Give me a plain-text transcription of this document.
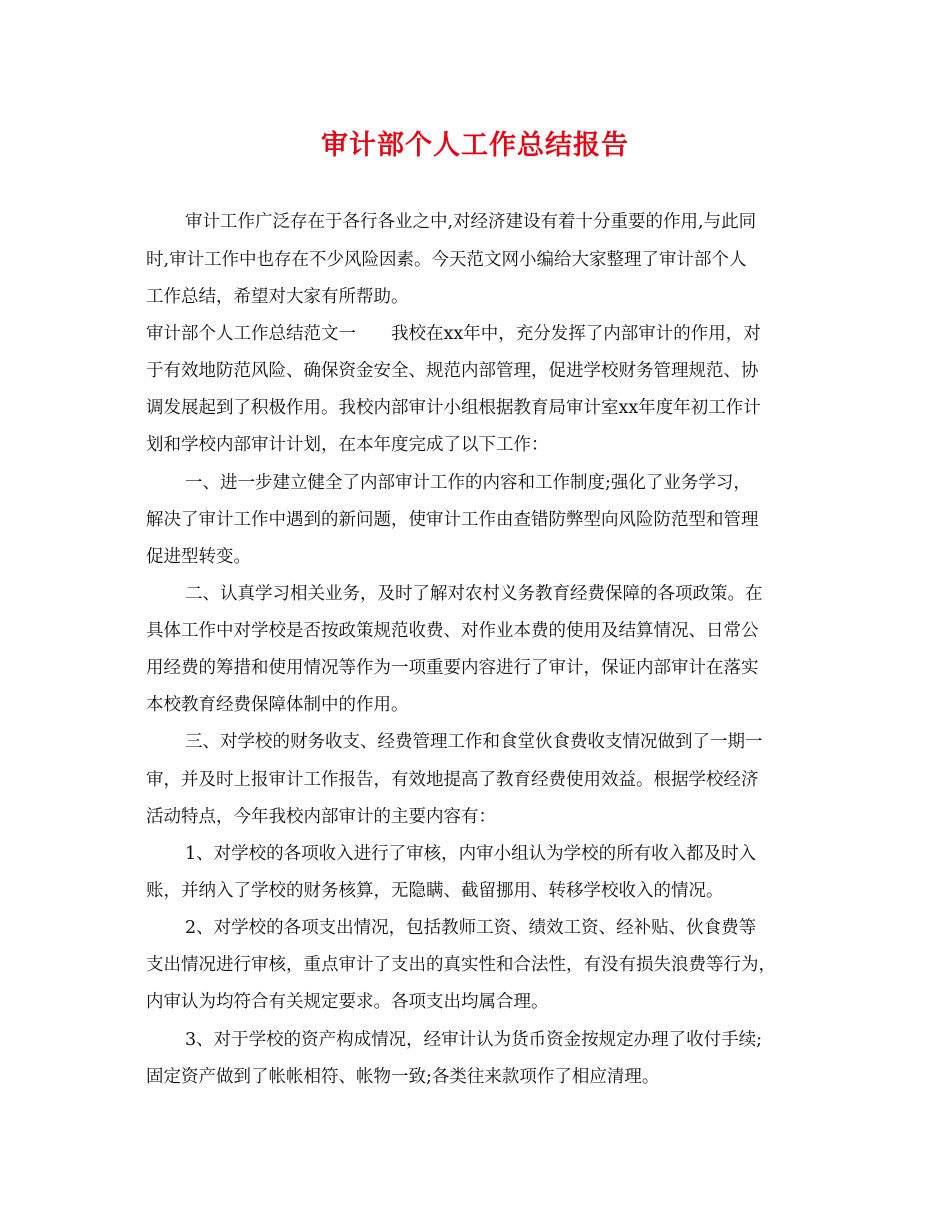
审计部个人工作总结报告
审计工作广泛存在于各行各业之中,对经济建设有着十分重要的作用,与此同
时,审计工作中也存在不少风险因素。今天范文网小编给大家整理了审计部个人
工作总结，希望对大家有所帮助。
审计部个人工作总结范文一　　我校在xx年中，充分发挥了内部审计的作用，对
于有效地防范风险、确保资金安全、规范内部管理，促进学校财务管理规范、协
调发展起到了积极作用。我校内部审计小组根据教育局审计室xx年度年初工作计
划和学校内部审计计划，在本年度完成了以下工作：
一、进一步建立健全了内部审计工作的内容和工作制度;强化了业务学习，
解决了审计工作中遇到的新问题，使审计工作由查错防弊型向风险防范型和管理
促进型转变。
二、认真学习相关业务，及时了解对农村义务教育经费保障的各项政策。在
具体工作中对学校是否按政策规范收费、对作业本费的使用及结算情况、日常公
用经费的筹措和使用情况等作为一项重要内容进行了审计，保证内部审计在落实
本校教育经费保障体制中的作用。
三、对学校的财务收支、经费管理工作和食堂伙食费收支情况做到了一期一
审，并及时上报审计工作报告，有效地提高了教育经费使用效益。根据学校经济
活动特点，今年我校内部审计的主要内容有：
1、对学校的各项收入进行了审核，内审小组认为学校的所有收入都及时入
账，并纳入了学校的财务核算，无隐瞒、截留挪用、转移学校收入的情况。
2、对学校的各项支出情况，包括教师工资、绩效工资、经补贴、伙食费等
支出情况进行审核，重点审计了支出的真实性和合法性，有没有损失浪费等行为，
内审认为均符合有关规定要求。各项支出均属合理。
3、对于学校的资产构成情况，经审计认为货币资金按规定办理了收付手续;
固定资产做到了帐帐相符、帐物一致;各类往来款项作了相应清理。
